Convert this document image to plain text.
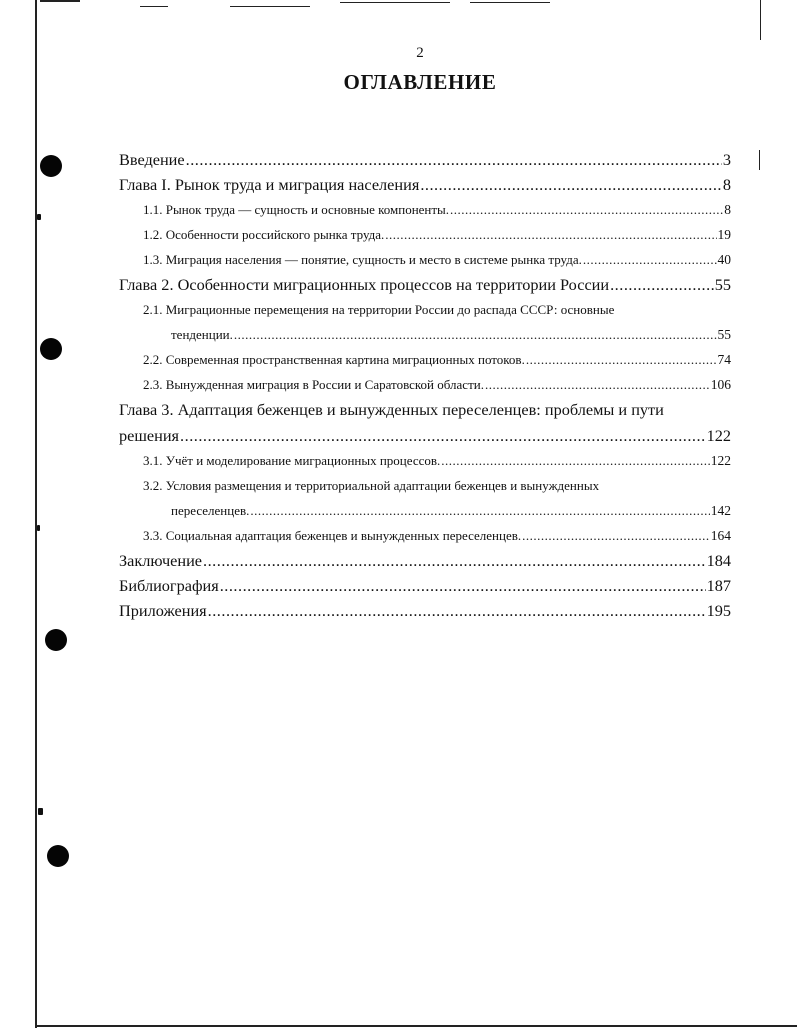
2
ОГЛАВЛЕНИЕ
Введение .....	3
Глава I. Рынок труда и миграция населения .....	8
1.1. Рынок труда — сущность и основные компоненты. .....	8
1.2. Особенности российского рынка труда. .....	19
1.3. Миграция населения — понятие, сущность и место в системе рынка труда. .....	40
Глава 2. Особенности миграционных процессов на территории России .....	55
2.1. Миграционные перемещения на территории России до распада СССР: основные
тенденции. .....	55
2.2. Современная пространственная картина миграционных потоков. .....	74
2.3. Вынужденная миграция в России и Саратовской области. .....	106
Глава 3. Адаптация беженцев и вынужденных переселенцев: проблемы и пути
решения .....	122
3.1. Учёт и моделирование миграционных процессов. .....	122
3.2. Условия размещения и территориальной адаптации беженцев и вынужденных
переселенцев. .....	142
3.3. Социальная адаптация беженцев и вынужденных переселенцев. .....	164
Заключение .....	184
Библиография .....	187
Приложения .....	195
